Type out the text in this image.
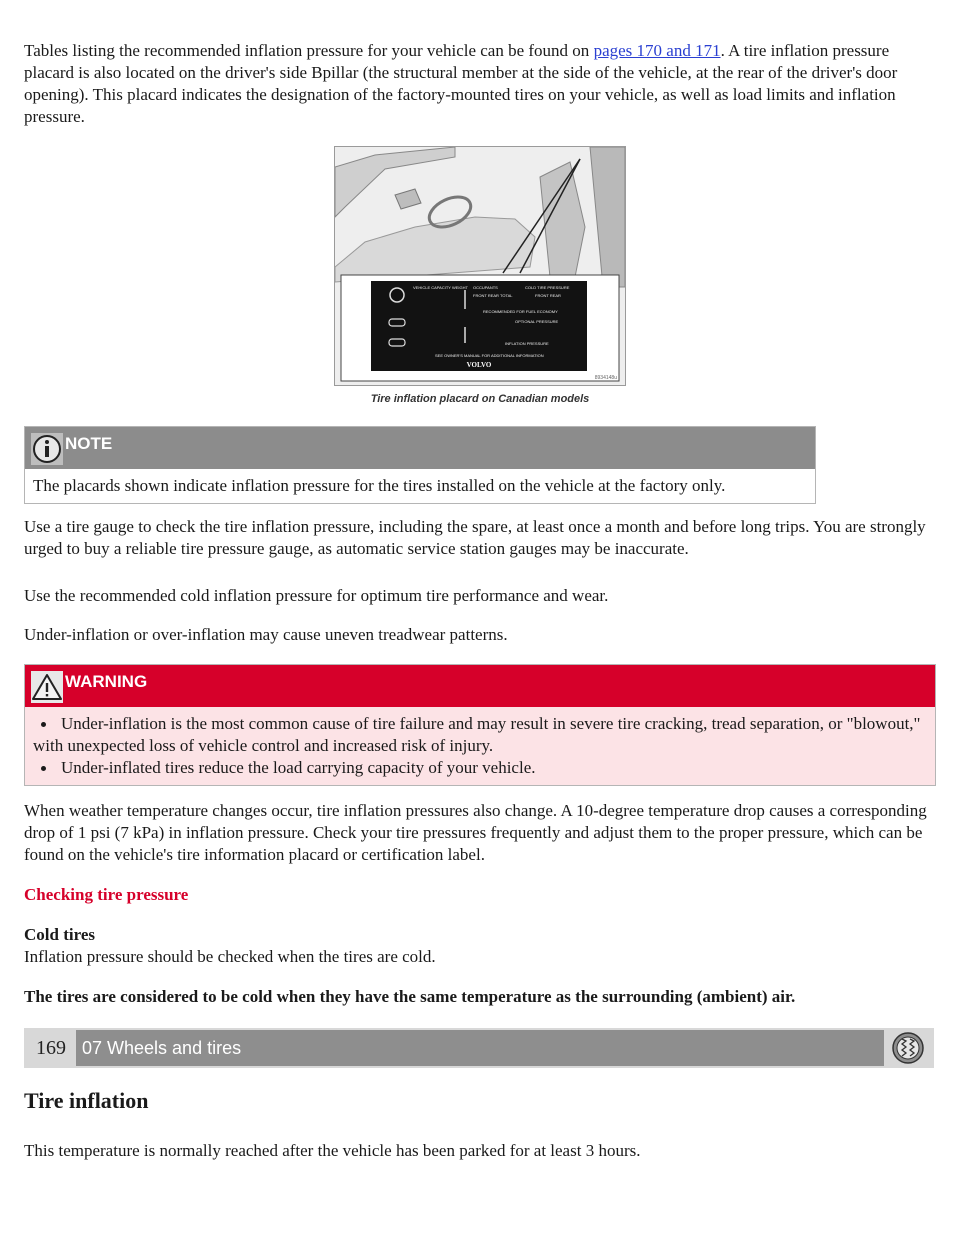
Tables listing the recommended inflation pressure for your vehicle can be found on pages 170 and 171. A tire inflation pressure placard is also located on the driver's side Bpillar (the structural member at the side of the vehicle, at the rear of the driver's door opening). This placard indicates the designation of the factory-mounted tires on your vehicle, as well as load limits and inflation pressure.

VEHICLE CAPACITY WEIGHT OCCUPANTS	COLD TIRE PRESSURE
FRONT REAR TOTAL	FRONT REAR
RECOMMENDED FOR FUEL ECONOMY
OPTIONAL PRESSURE
INFLATION PRESSURE
SEE OWNER'S MANUAL FOR ADDITIONAL INFORMATION
VOLVO
8934148u
Tire inflation placard on Canadian models
NOTE
The placards shown indicate inflation pressure for the tires installed on the vehicle at the factory only.

Use a tire gauge to check the tire inflation pressure, including the spare, at least once a month and before long trips. You are strongly urged to buy a reliable tire pressure gauge, as automatic service station gauges may be inaccurate.

Use the recommended cold inflation pressure for optimum tire performance and wear.

Under-inflation or over-inflation may cause uneven treadwear patterns.

WARNING
Under-inflation is the most common cause of tire failure and may result in severe tire cracking, tread separation, or "blowout," with unexpected loss of vehicle control and increased risk of injury.
Under-inflated tires reduce the load carrying capacity of your vehicle.

When weather temperature changes occur, tire inflation pressures also change. A 10-degree temperature drop causes a corresponding drop of 1 psi (7 kPa) in inflation pressure. Check your tire pressures frequently and adjust them to the proper pressure, which can be found on the vehicle's tire information placard or certification label.

Checking tire pressure

Cold tires

Inflation pressure should be checked when the tires are cold.

The tires are considered to be cold when they have the same temperature as the surrounding (ambient) air.

169 07 Wheels and tires
Tire inflation

This temperature is normally reached after the vehicle has been parked for at least 3 hours.
